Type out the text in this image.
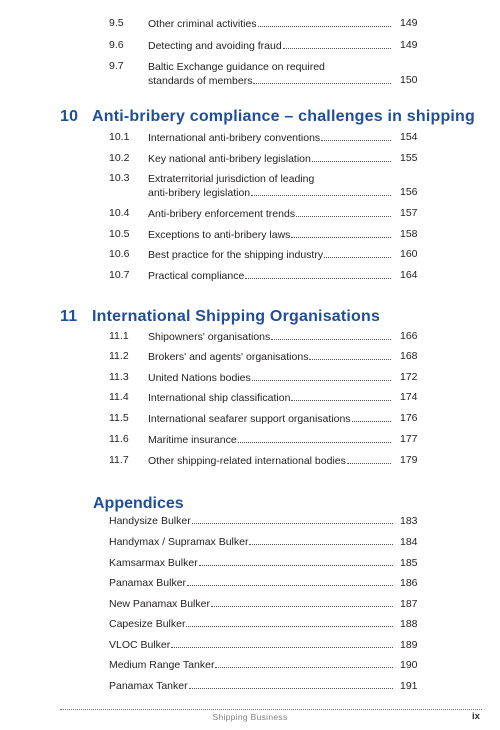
9.5 Other criminal activities	149
9.6 Detecting and avoiding fraud	149
9.7 Baltic Exchange guidance on required
standards of members	150
10 Anti-bribery compliance – challenges in shipping
10.1 International anti-bribery conventions	154
10.2 Key national anti-bribery legislation	155
10.3 Extraterritorial jurisdiction of leading
anti-bribery legislation	156
10.4 Anti-bribery enforcement trends	157
10.5 Exceptions to anti-bribery laws	158
10.6 Best practice for the shipping industry	160
10.7 Practical compliance	164
11 International Shipping Organisations
11.1 Shipowners' organisations	166
11.2 Brokers' and agents' organisations	168
11.3 United Nations bodies	172
11.4 International ship classification	174
11.5 International seafarer support organisations	176
11.6 Maritime insurance	177
11.7 Other shipping-related international bodies	179
Appendices
Handysize Bulker	183
Handymax / Supramax Bulker	184
Kamsarmax Bulker	185
Panamax Bulker	186
New Panamax Bulker	187
Capesize Bulker	188
VLOC Bulker	189
Medium Range Tanker	190
Panamax Tanker	191
Shipping Business	ix
